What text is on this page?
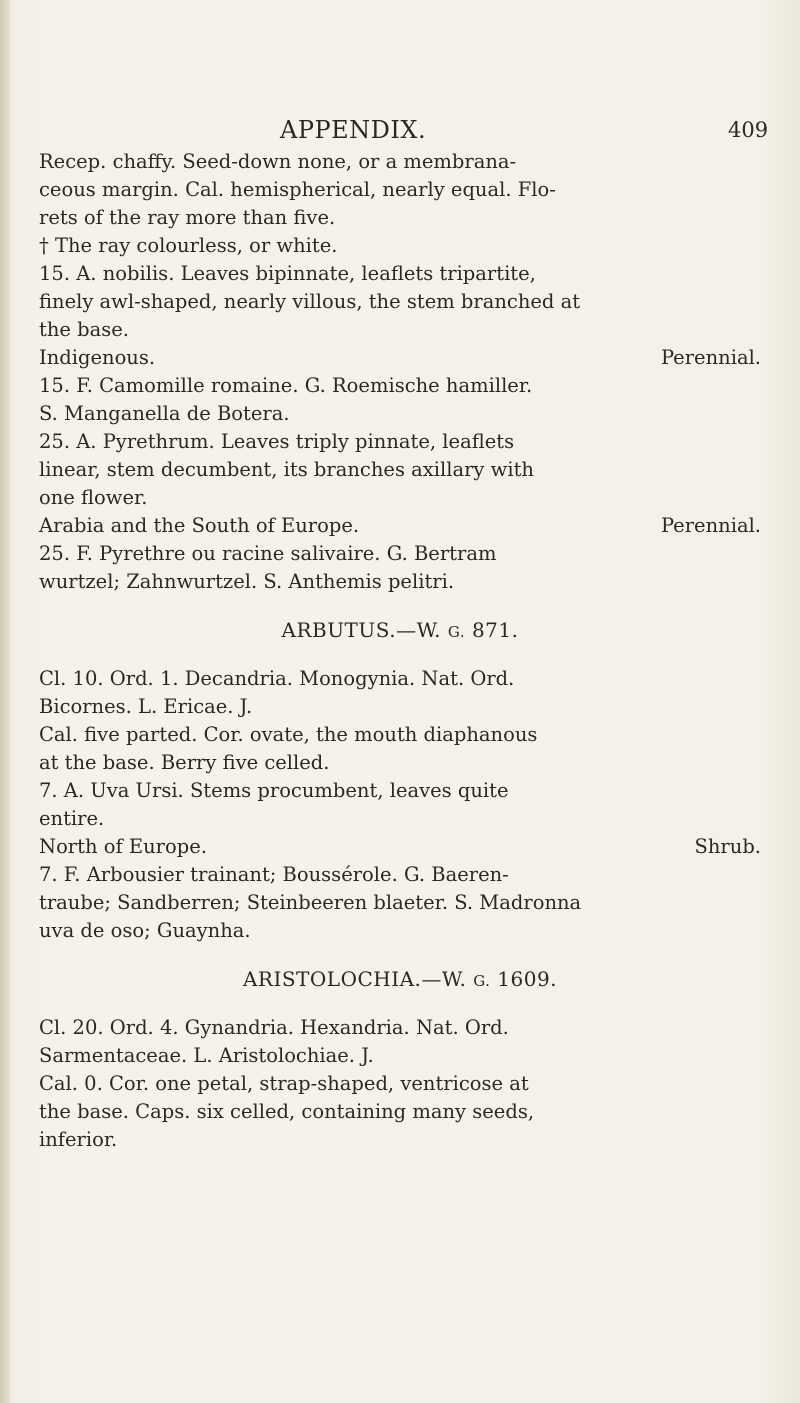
APPENDIX.	409
Recep. chaffy. Seed-down none, or a membrana-
ceous margin. Cal. hemispherical, nearly equal. Flo-
rets of the ray more than five.
† The ray colourless, or white.
15. A. nobilis. Leaves bipinnate, leaflets tripartite,
finely awl-shaped, nearly villous, the stem branched at
the base.
Indigenous.	Perennial.
15. F. Camomille romaine. G. Roemische hamiller.
S. Manganella de Botera.
25. A. Pyrethrum. Leaves triply pinnate, leaflets
linear, stem decumbent, its branches axillary with
one flower.
Arabia and the South of Europe.	Perennial.
25. F. Pyrethre ou racine salivaire. G. Bertram
wurtzel; Zahnwurtzel. S. Anthemis pelitri.
ARBUTUS.—W. G. 871.
Cl. 10. Ord. 1. Decandria. Monogynia. Nat. Ord.
Bicornes. L. Ericae. J.
Cal. five parted. Cor. ovate, the mouth diaphanous
at the base. Berry five celled.
7. A. Uva Ursi. Stems procumbent, leaves quite
entire.
North of Europe.	Shrub.
7. F. Arbousier trainant; Boussérole. G. Baeren-
traube; Sandberren; Steinbeeren blaeter. S. Madronna
uva de oso; Guaynha.
ARISTOLOCHIA.—W. G. 1609.
Cl. 20. Ord. 4. Gynandria. Hexandria. Nat. Ord.
Sarmentaceae. L. Aristolochiae. J.
Cal. 0. Cor. one petal, strap-shaped, ventricose at
the base. Caps. six celled, containing many seeds,
inferior.
